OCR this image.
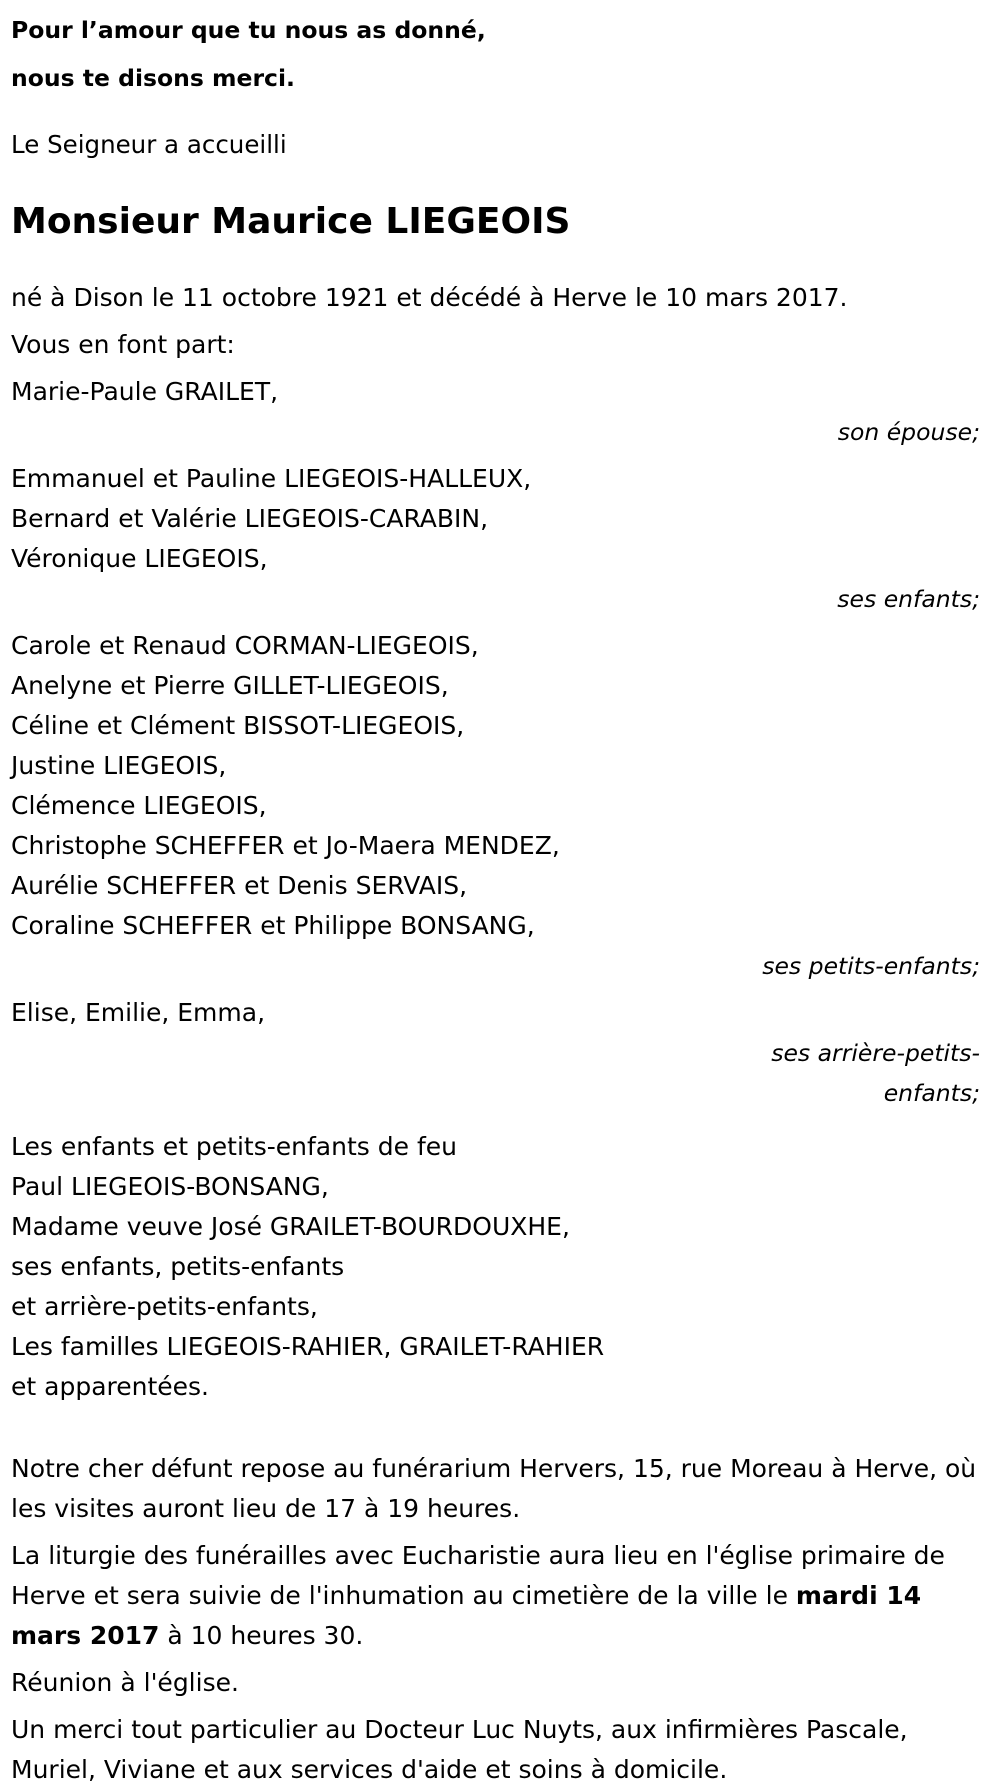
Pour l’amour que tu nous as donné,

nous te disons merci.

Le Seigneur a accueilli

Monsieur Maurice LIEGEOIS

né à Dison le 11 octobre 1921 et décédé à Herve le 10 mars 2017.

Vous en font part:

Marie-Paule GRAILET,
son épouse;
Emmanuel et Pauline LIEGEOIS-HALLEUX,
Bernard et Valérie LIEGEOIS-CARABIN,
Véronique LIEGEOIS,
ses enfants;
Carole et Renaud CORMAN-LIEGEOIS,
Anelyne et Pierre GILLET-LIEGEOIS,
Céline et Clément BISSOT-LIEGEOIS,
Justine LIEGEOIS,
Clémence LIEGEOIS,
Christophe SCHEFFER et Jo-Maera MENDEZ,
Aurélie SCHEFFER et Denis SERVAIS,
Coraline SCHEFFER et Philippe BONSANG,
ses petits-enfants;
Elise, Emilie, Emma,
ses arrière-petits-enfants;
Les enfants et petits-enfants de feu
Paul LIEGEOIS-BONSANG,
Madame veuve José GRAILET-BOURDOUXHE,
ses enfants, petits-enfants
et arrière-petits-enfants,
Les familles LIEGEOIS-RAHIER, GRAILET-RAHIER
et apparentées.

Notre cher défunt repose au funérarium Hervers, 15, rue Moreau à Herve, où les visites auront lieu de 17 à 19 heures.

La liturgie des funérailles avec Eucharistie aura lieu en l'église primaire de Herve et sera suivie de l'inhumation au cimetière de la ville le mardi 14 mars 2017 à 10 heures 30.

Réunion à l'église.

Un merci tout particulier au Docteur Luc Nuyts, aux infirmières Pascale, Muriel, Viviane et aux services d'aide et soins à domicile.
